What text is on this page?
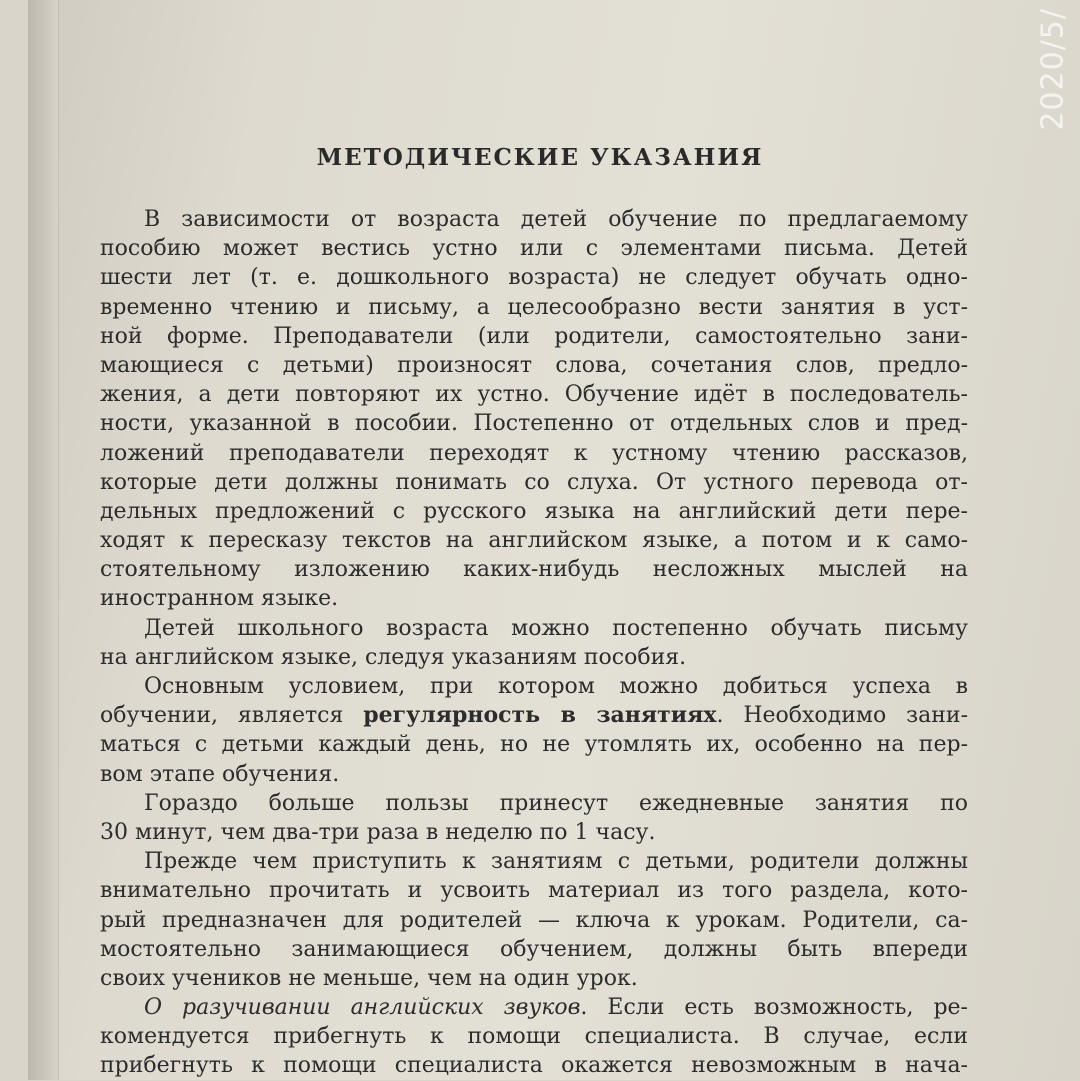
МЕТОДИЧЕСКИЕ УКАЗАНИЯ
В зависимости от возраста детей обучение по предлагаемому
пособию может вестись устно или с элементами письма. Детей
шести лет (т. е. дошкольного возраста) не следует обучать одно-
временно чтению и письму, а целесообразно вести занятия в уст-
ной форме. Преподаватели (или родители, самостоятельно зани-
мающиеся с детьми) произносят слова, сочетания слов, предло-
жения, а дети повторяют их устно. Обучение идёт в последователь-
ности, указанной в пособии. Постепенно от отдельных слов и пред-
ложений преподаватели переходят к устному чтению рассказов,
которые дети должны понимать со слуха. От устного перевода от-
дельных предложений с русского языка на английский дети пере-
ходят к пересказу текстов на английском языке, а потом и к само-
стоятельному изложению каких-нибудь несложных мыслей на
иностранном языке.
Детей школьного возраста можно постепенно обучать письму
на английском языке, следуя указаниям пособия.
Основным условием, при котором можно добиться успеха в
обучении, является регулярность в занятиях. Необходимо зани-
маться с детьми каждый день, но не утомлять их, особенно на пер-
вом этапе обучения.
Гораздо больше пользы принесут ежедневные занятия по
30 минут, чем два-три раза в неделю по 1 часу.
Прежде чем приступить к занятиям с детьми, родители должны
внимательно прочитать и усвоить материал из того раздела, кото-
рый предназначен для родителей — ключа к урокам. Родители, са-
мостоятельно занимающиеся обучением, должны быть впереди
своих учеников не меньше, чем на один урок.
О разучивании английских звуков. Если есть возможность, ре-
комендуется прибегнуть к помощи специалиста. В случае, если
прибегнуть к помощи специалиста окажется невозможным в нача-
2020/5/
